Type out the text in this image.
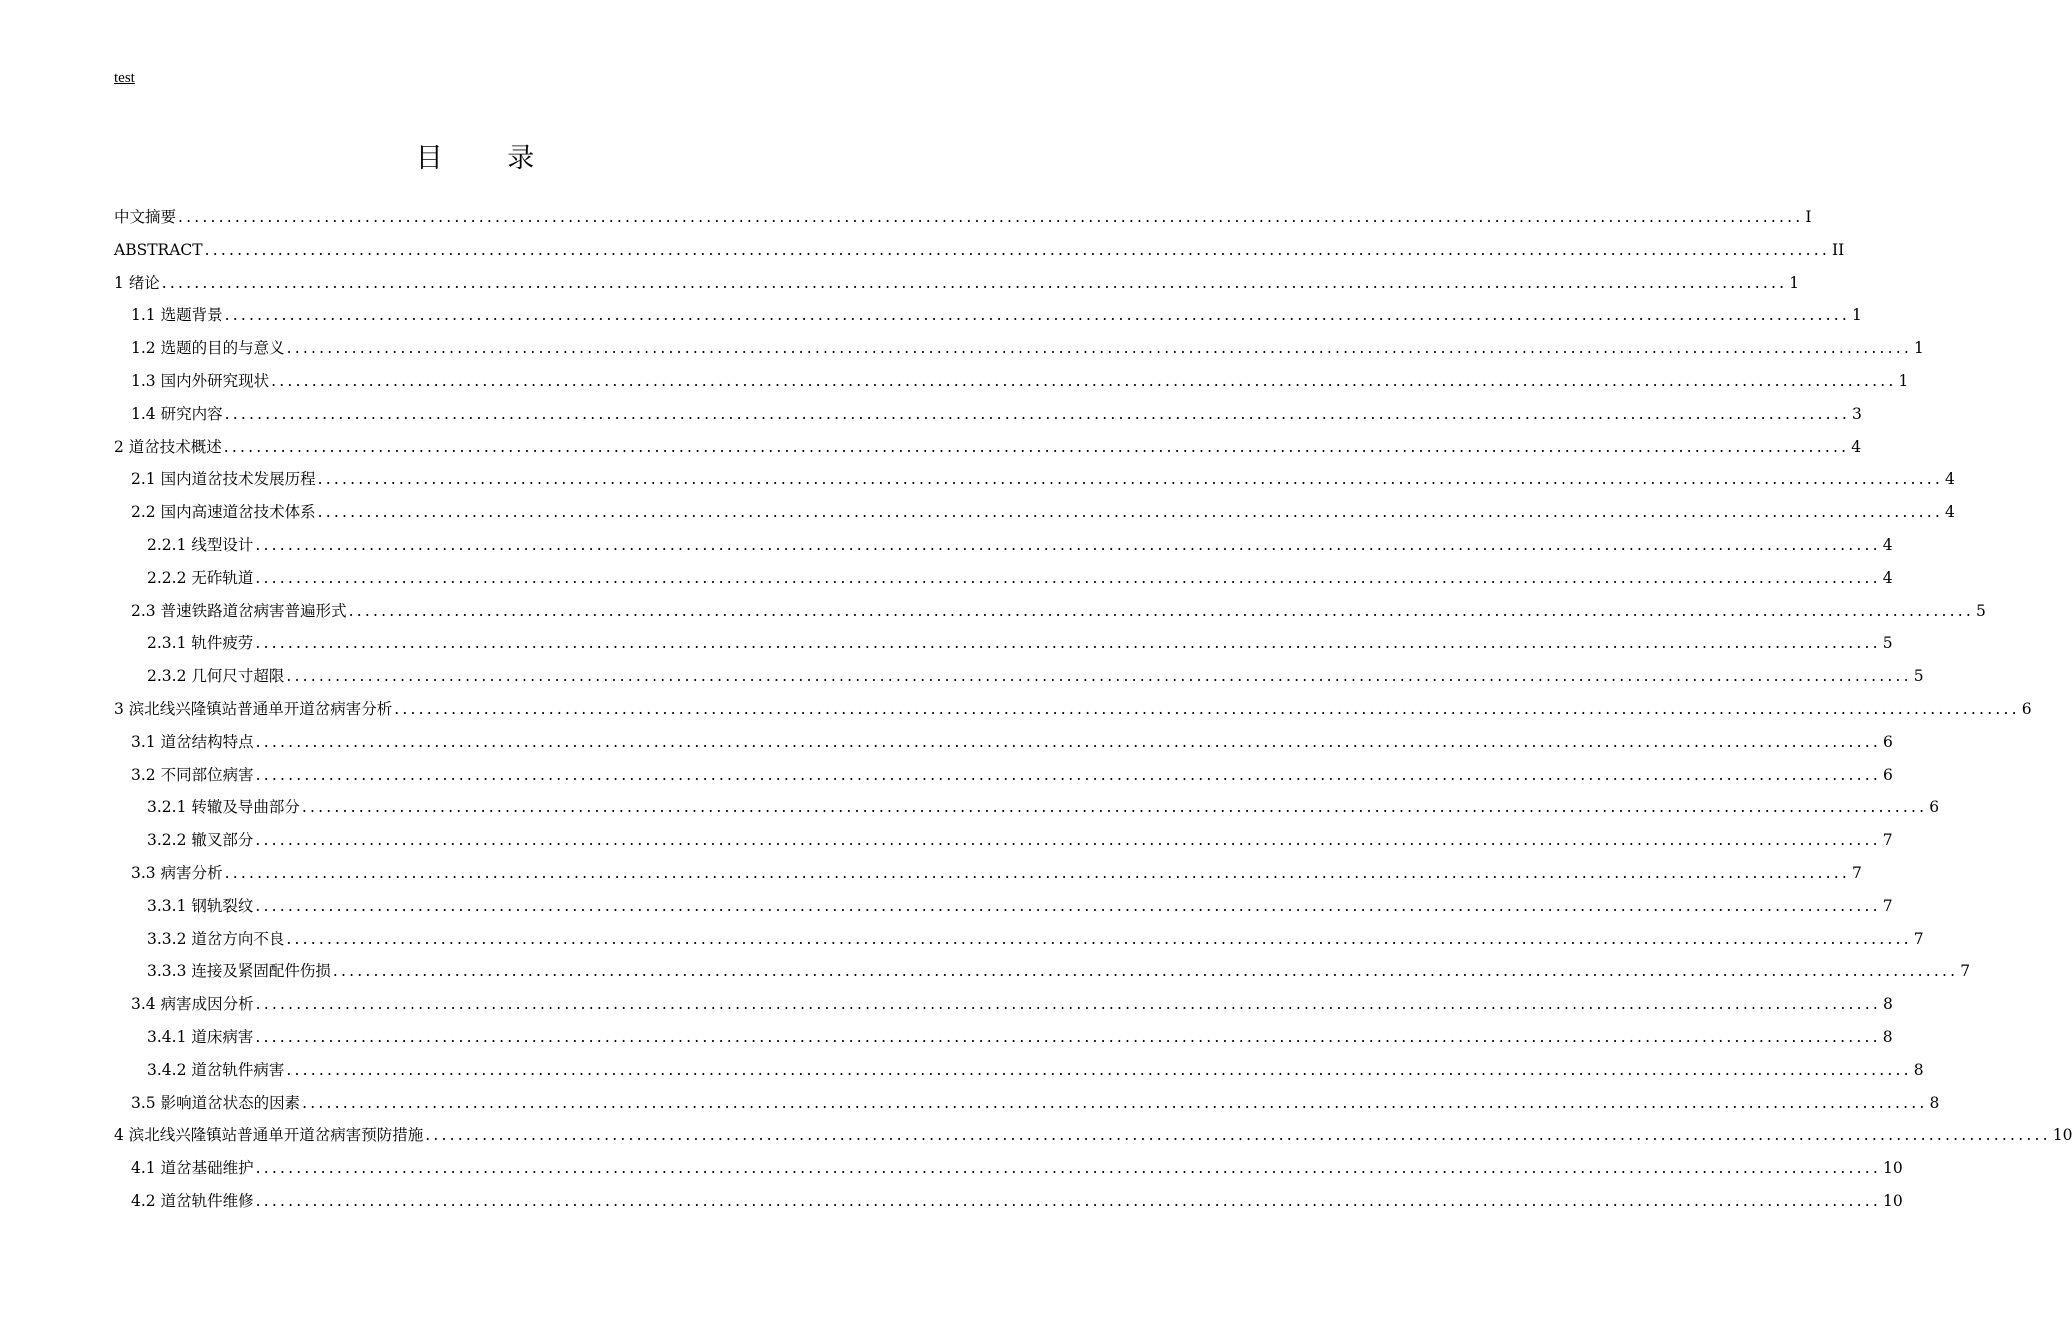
test
目 录
中文摘要 ........................................................................................................................................................................................................ I
ABSTRACT ........................................................................................................................................................................................................ II
1 绪论 ........................................................................................................................................................................................................ 1
1.1 选题背景 ........................................................................................................................................................................................................ 1
1.2 选题的目的与意义 ........................................................................................................................................................................................................ 1
1.3 国内外研究现状 ........................................................................................................................................................................................................ 1
1.4 研究内容 ........................................................................................................................................................................................................ 3
2 道岔技术概述 ........................................................................................................................................................................................................ 4
2.1 国内道岔技术发展历程 ........................................................................................................................................................................................................ 4
2.2 国内高速道岔技术体系 ........................................................................................................................................................................................................ 4
2.2.1 线型设计 ........................................................................................................................................................................................................ 4
2.2.2 无砟轨道 ........................................................................................................................................................................................................ 4
2.3 普速铁路道岔病害普遍形式 ........................................................................................................................................................................................................ 5
2.3.1 轨件疲劳 ........................................................................................................................................................................................................ 5
2.3.2 几何尺寸超限 ........................................................................................................................................................................................................ 5
3 滨北线兴隆镇站普通单开道岔病害分析 ........................................................................................................................................................................................................ 6
3.1 道岔结构特点 ........................................................................................................................................................................................................ 6
3.2 不同部位病害 ........................................................................................................................................................................................................ 6
3.2.1 转辙及导曲部分 ........................................................................................................................................................................................................ 6
3.2.2 辙叉部分 ........................................................................................................................................................................................................ 7
3.3 病害分析 ........................................................................................................................................................................................................ 7
3.3.1 钢轨裂纹 ........................................................................................................................................................................................................ 7
3.3.2 道岔方向不良 ........................................................................................................................................................................................................ 7
3.3.3 连接及紧固配件伤损 ........................................................................................................................................................................................................ 7
3.4 病害成因分析 ........................................................................................................................................................................................................ 8
3.4.1 道床病害 ........................................................................................................................................................................................................ 8
3.4.2 道岔轨件病害 ........................................................................................................................................................................................................ 8
3.5 影响道岔状态的因素 ........................................................................................................................................................................................................ 8
4 滨北线兴隆镇站普通单开道岔病害预防措施 ........................................................................................................................................................................................................ 10
4.1 道岔基础维护 ........................................................................................................................................................................................................ 10
4.2 道岔轨件维修 ........................................................................................................................................................................................................ 10
